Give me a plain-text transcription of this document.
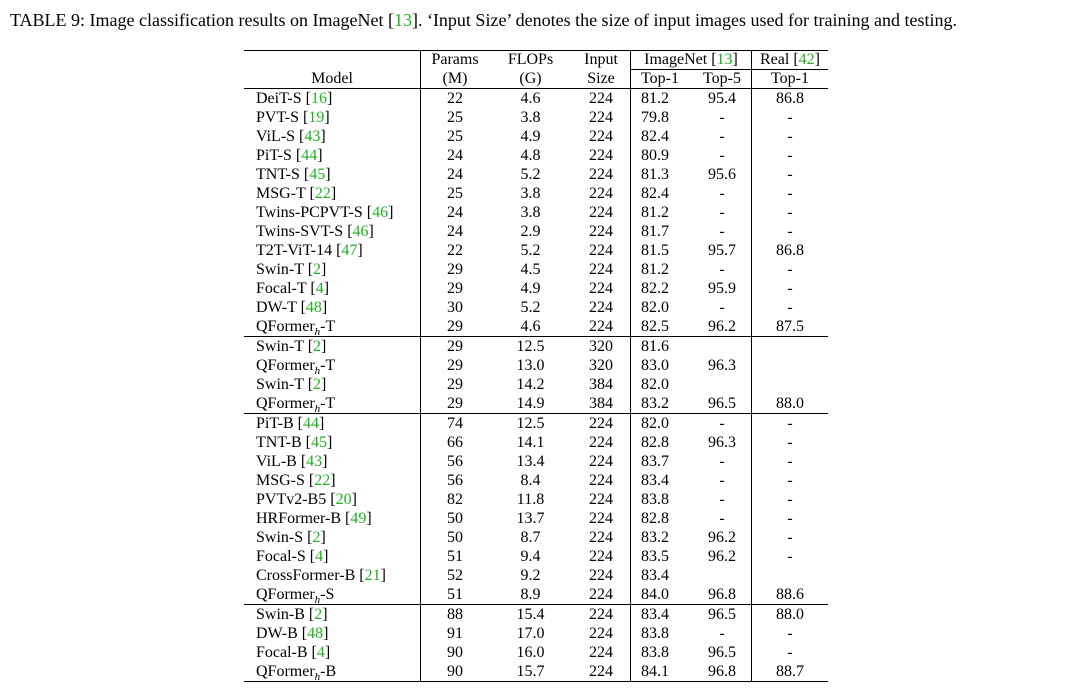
TABLE 9: Image classification results on ImageNet [13]. ‘Input Size’ denotes the size of input images used for training and testing.
	Params	FLOPs	Input	ImageNet [13]		Real [42]
Model	(M)	(G)	Size	Top-1	Top-5	Top-1
DeiT-S [16]	22	4.6	224	81.2	95.4	86.8
PVT-S [19]	25	3.8	224	79.8	-	-
ViL-S [43]	25	4.9	224	82.4	-	-
PiT-S [44]	24	4.8	224	80.9	-	-
TNT-S [45]	24	5.2	224	81.3	95.6	-
MSG-T [22]	25	3.8	224	82.4	-	-
Twins-PCPVT-S [46]	24	3.8	224	81.2	-	-
Twins-SVT-S [46]	24	2.9	224	81.7	-	-
T2T-ViT-14 [47]	22	5.2	224	81.5	95.7	86.8
Swin-T [2]	29	4.5	224	81.2	-	-
Focal-T [4]	29	4.9	224	82.2	95.9	-
DW-T [48]	30	5.2	224	82.0	-	-
QFormer$_h$-T	29	4.6	224	82.5	96.2	87.5
Swin-T [2]	29	12.5	320	81.6		
QFormer$_h$-T	29	13.0	320	83.0	96.3	
Swin-T [2]	29	14.2	384	82.0		
QFormer$_h$-T	29	14.9	384	83.2	96.5	88.0
PiT-B [44]	74	12.5	224	82.0	-	-
TNT-B [45]	66	14.1	224	82.8	96.3	-
ViL-B [43]	56	13.4	224	83.7	-	-
MSG-S [22]	56	8.4	224	83.4	-	-
PVTv2-B5 [20]	82	11.8	224	83.8	-	-
HRFormer-B [49]	50	13.7	224	82.8	-	-
Swin-S [2]	50	8.7	224	83.2	96.2	-
Focal-S [4]	51	9.4	224	83.5	96.2	-
CrossFormer-B [21]	52	9.2	224	83.4		
QFormer$_h$-S	51	8.9	224	84.0	96.8	88.6
Swin-B [2]	88	15.4	224	83.4	96.5	88.0
DW-B [48]	91	17.0	224	83.8	-	-
Focal-B [4]	90	16.0	224	83.8	96.5	-
QFormer$_h$-B	90	15.7	224	84.1	96.8	88.7
